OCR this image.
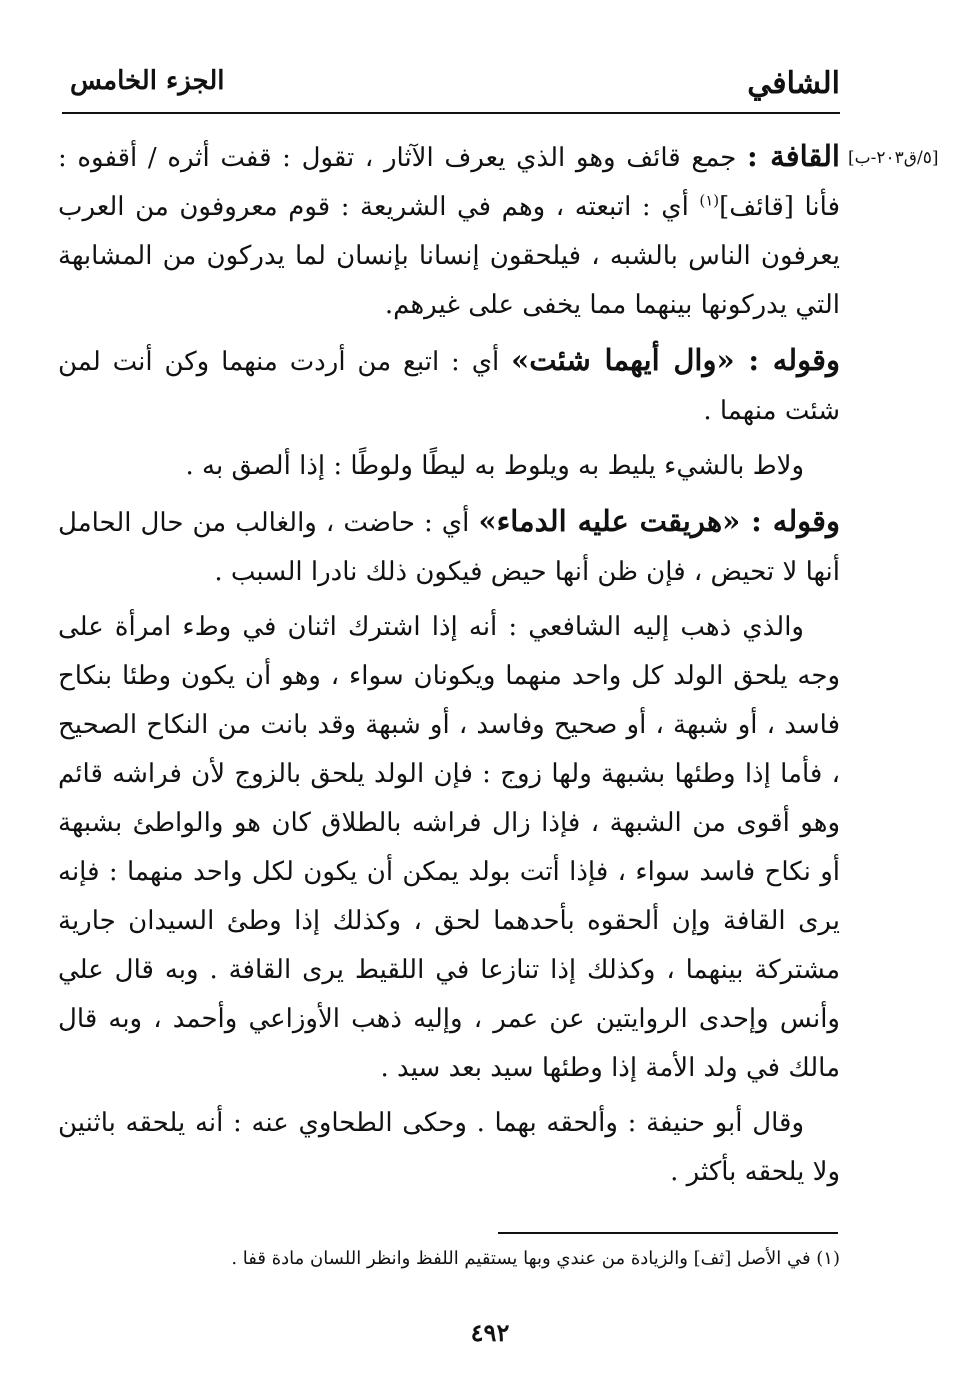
الشافي
الجزء الخامس
[٥/ق٢٠٣-ب]

القافة : جمع قائف وهو الذي يعرف الآثار ، تقول : قفت أثره / أقفوه : فأنا [قائف]$^{(١)}$ أي : اتبعته ، وهم في الشريعة : قوم معروفون من العرب يعرفون الناس بالشبه ، فيلحقون إنسانا بإنسان لما يدركون من المشابهة التي يدركونها بينهما مما يخفى على غيرهم.

وقوله : «وال أيهما شئت» أي : اتبع من أردت منهما وكن أنت لمن شئت منهما .

ولاط بالشيء يليط به ويلوط به ليطًا ولوطًا : إذا ألصق به .

وقوله : «هريقت عليه الدماء» أي : حاضت ، والغالب من حال الحامل أنها لا تحيض ، فإن ظن أنها حيض فيكون ذلك نادرا السبب .

والذي ذهب إليه الشافعي : أنه إذا اشترك اثنان في وطء امرأة على وجه يلحق الولد كل واحد منهما ويكونان سواء ، وهو أن يكون وطئا بنكاح فاسد ، أو شبهة ، أو صحيح وفاسد ، أو شبهة وقد بانت من النكاح الصحيح ، فأما إذا وطئها بشبهة ولها زوج : فإن الولد يلحق بالزوج لأن فراشه قائم وهو أقوى من الشبهة ، فإذا زال فراشه بالطلاق كان هو والواطئ بشبهة أو نكاح فاسد سواء ، فإذا أتت بولد يمكن أن يكون لكل واحد منهما : فإنه يرى القافة وإن ألحقوه بأحدهما لحق ، وكذلك إذا وطئ السيدان جارية مشتركة بينهما ، وكذلك إذا تنازعا في اللقيط يرى القافة . وبه قال علي وأنس وإحدى الروايتين عن عمر ، وإليه ذهب الأوزاعي وأحمد ، وبه قال مالك في ولد الأمة إذا وطئها سيد بعد سيد .

وقال أبو حنيفة : وألحقه بهما . وحكى الطحاوي عنه : أنه يلحقه باثنين ولا يلحقه بأكثر .

(١) في الأصل [ثف] والزيادة من عندي وبها يستقيم اللفظ وانظر اللسان مادة قفا .
٤٩٢
